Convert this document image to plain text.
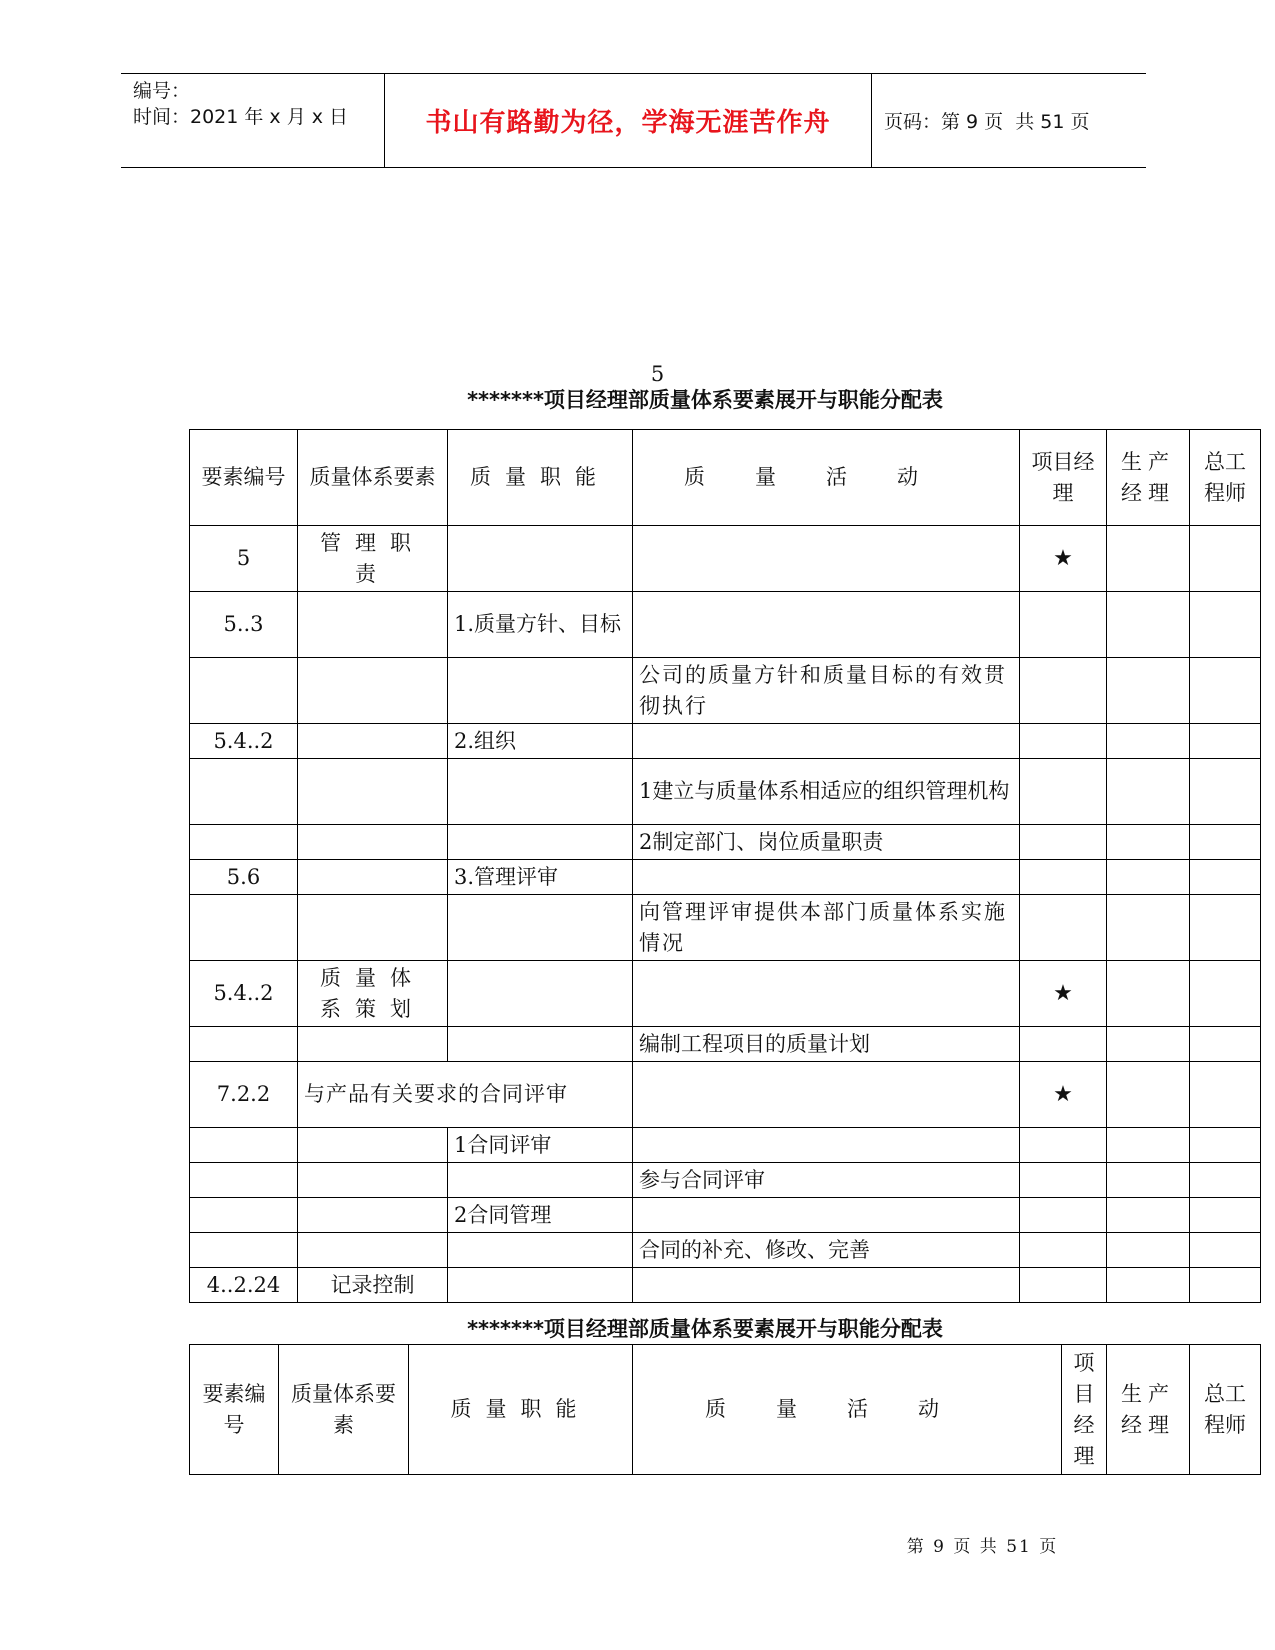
编号：
时间：2021 年 x 月 x 日	书山有路勤为径，学海无涯苦作舟	页码：第 9 页  共 51 页
5
*******项目经理部质量体系要素展开与职能分配表
要素编号	质量体系要素	质量职能	质量活动	项目经理	生产经理	总工程师
5	管理职责			★		
5..3		1.质量方针、目标				
			公司的质量方针和质量目标的有效贯彻执行			
5.4..2		2.组织				
			1建立与质量体系相适应的组织管理机构			
			2制定部门、岗位质量职责			
5.6		3.管理评审				
			向管理评审提供本部门质量体系实施情况			
5.4..2	质量体系策划			★		
			编制工程项目的质量计划			
7.2.2	与产品有关要求的合同评审			★		
		1合同评审				
			参与合同评审			
		2合同管理				
			合同的补充、修改、完善			
4..2.24	记录控制					
*******项目经理部质量体系要素展开与职能分配表
要素编号	质量体系要素	质量职能	质量活动	项目经理	生产经理	总工程师
第 9 页 共 51 页
